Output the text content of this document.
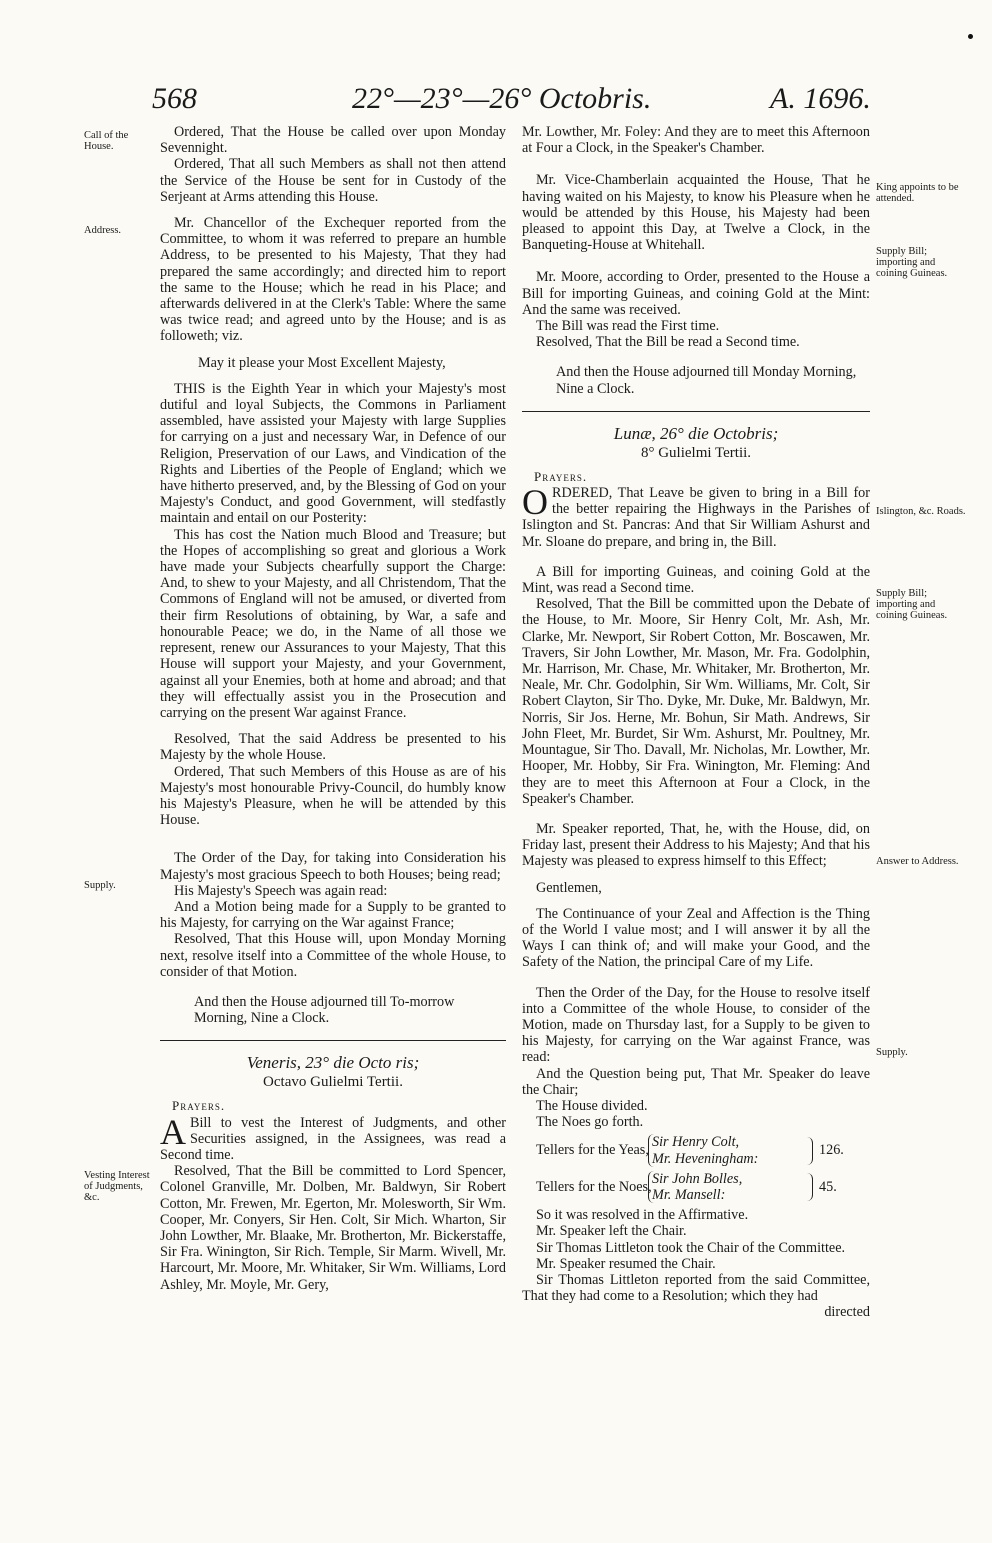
568	22°—23°—26° Octobris.	A. 1696.
Call of the House.
Address.
Supply.
Vesting Interest of Judgments, &c.
King appoints to be attended.
Supply Bill; importing and coining Guineas.
Islington, &c. Roads.
Supply Bill; importing and coining Guineas.
Answer to Address.
Supply.

Ordered, That the House be called over upon Monday Sevennight.

Ordered, That all such Members as shall not then attend the Service of the House be sent for in Custody of the Serjeant at Arms attending this House.

Mr. Chancellor of the Exchequer reported from the Committee, to whom it was referred to prepare an humble Address, to be presented to his Majesty, That they had prepared the same accordingly; and directed him to report the same to the House; which he read in his Place; and afterwards delivered in at the Clerk's Table: Where the same was twice read; and agreed unto by the House; and is as followeth; viz.

May it please your Most Excellent Majesty,

THIS is the Eighth Year in which your Majesty's most dutiful and loyal Subjects, the Commons in Parliament assembled, have assisted your Majesty with large Supplies for carrying on a just and necessary War, in Defence of our Religion, Preservation of our Laws, and Vindication of the Rights and Liberties of the People of England; which we have hitherto preserved, and, by the Blessing of God on your Majesty's Conduct, and good Government, will stedfastly maintain and entail on our Posterity:

This has cost the Nation much Blood and Treasure; but the Hopes of accomplishing so great and glorious a Work have made your Subjects chearfully support the Charge: And, to shew to your Majesty, and all Christendom, That the Commons of England will not be amused, or diverted from their firm Resolutions of obtaining, by War, a safe and honourable Peace; we do, in the Name of all those we represent, renew our Assurances to your Majesty, That this House will support your Majesty, and your Government, against all your Enemies, both at home and abroad; and that they will effectually assist you in the Prosecution and carrying on the present War against France.

Resolved, That the said Address be presented to his Majesty by the whole House.

Ordered, That such Members of this House as are of his Majesty's most honourable Privy-Council, do humbly know his Majesty's Pleasure, when he will be attended by this House.

The Order of the Day, for taking into Consideration his Majesty's most gracious Speech to both Houses; being read;

His Majesty's Speech was again read:

And a Motion being made for a Supply to be granted to his Majesty, for carrying on the War against France;

Resolved, That this House will, upon Monday Morning next, resolve itself into a Committee of the whole House, to consider of that Motion.

And then the House adjourned till To-morrow Morning, Nine a Clock.

Veneris, 23° die Octo ris;

Octavo Gulielmi Tertii.

Prayers.

A Bill to vest the Interest of Judgments, and other Securities assigned, in the Assignees, was read a Second time.

Resolved, That the Bill be committed to Lord Spencer, Colonel Granville, Mr. Dolben, Mr. Baldwyn, Sir Robert Cotton, Mr. Frewen, Mr. Egerton, Mr. Molesworth, Sir Wm. Cooper, Mr. Conyers, Sir Hen. Colt, Sir Mich. Wharton, Sir John Lowther, Mr. Blaake, Mr. Brotherton, Mr. Bickerstaffe, Sir Fra. Winington, Sir Rich. Temple, Sir Marm. Wivell, Mr. Harcourt, Mr. Moore, Mr. Whitaker, Sir Wm. Williams, Lord Ashley, Mr. Moyle, Mr. Gery,

Mr. Lowther, Mr. Foley: And they are to meet this Afternoon at Four a Clock, in the Speaker's Chamber.

Mr. Vice-Chamberlain acquainted the House, That he having waited on his Majesty, to know his Pleasure when he would be attended by this House, his Majesty had been pleased to appoint this Day, at Twelve a Clock, in the Banqueting-House at Whitehall.

Mr. Moore, according to Order, presented to the House a Bill for importing Guineas, and coining Gold at the Mint: And the same was received.

The Bill was read the First time.

Resolved, That the Bill be read a Second time.

And then the House adjourned till Monday Morning, Nine a Clock.

Lunæ, 26° die Octobris;

8° Gulielmi Tertii.

Prayers.

ORDERED, That Leave be given to bring in a Bill for the better repairing the Highways in the Parishes of Islington and St. Pancras: And that Sir William Ashurst and Mr. Sloane do prepare, and bring in, the Bill.

A Bill for importing Guineas, and coining Gold at the Mint, was read a Second time.

Resolved, That the Bill be committed upon the Debate of the House, to Mr. Moore, Sir Henry Colt, Mr. Ash, Mr. Clarke, Mr. Newport, Sir Robert Cotton, Mr. Boscawen, Mr. Travers, Sir John Lowther, Mr. Mason, Mr. Fra. Godolphin, Mr. Harrison, Mr. Chase, Mr. Whitaker, Mr. Brotherton, Mr. Neale, Mr. Chr. Godolphin, Sir Wm. Williams, Mr. Colt, Sir Robert Clayton, Sir Tho. Dyke, Mr. Duke, Mr. Baldwyn, Mr. Norris, Sir Jos. Herne, Mr. Bohun, Sir Math. Andrews, Sir John Fleet, Mr. Burdet, Sir Wm. Ashurst, Mr. Poultney, Mr. Mountague, Sir Tho. Davall, Mr. Nicholas, Mr. Lowther, Mr. Hooper, Mr. Hobby, Sir Fra. Winington, Mr. Fleming: And they are to meet this Afternoon at Four a Clock, in the Speaker's Chamber.

Mr. Speaker reported, That, he, with the House, did, on Friday last, present their Address to his Majesty; And that his Majesty was pleased to express himself to this Effect;

Gentlemen,

The Continuance of your Zeal and Affection is the Thing of the World I value most; and I will answer it by all the Ways I can think of; and will make your Good, and the Safety of the Nation, the principal Care of my Life.

Then the Order of the Day, for the House to resolve itself into a Committee of the whole House, to consider of the Motion, made on Thursday last, for a Supply to be given to his Majesty, for carrying on the War against France, was read:

And the Question being put, That Mr. Speaker do leave the Chair;

The House divided.

The Noes go forth.

Tellers for the Yeas,
Sir Henry Colt,
Mr. Heveningham:
126.
Tellers for the Noes,
Sir John Bolles,
Mr. Mansell:
45.

So it was resolved in the Affirmative.

Mr. Speaker left the Chair.

Sir Thomas Littleton took the Chair of the Committee.

Mr. Speaker resumed the Chair.

Sir Thomas Littleton reported from the said Committee, That they had come to a Resolution; which they had

directed
